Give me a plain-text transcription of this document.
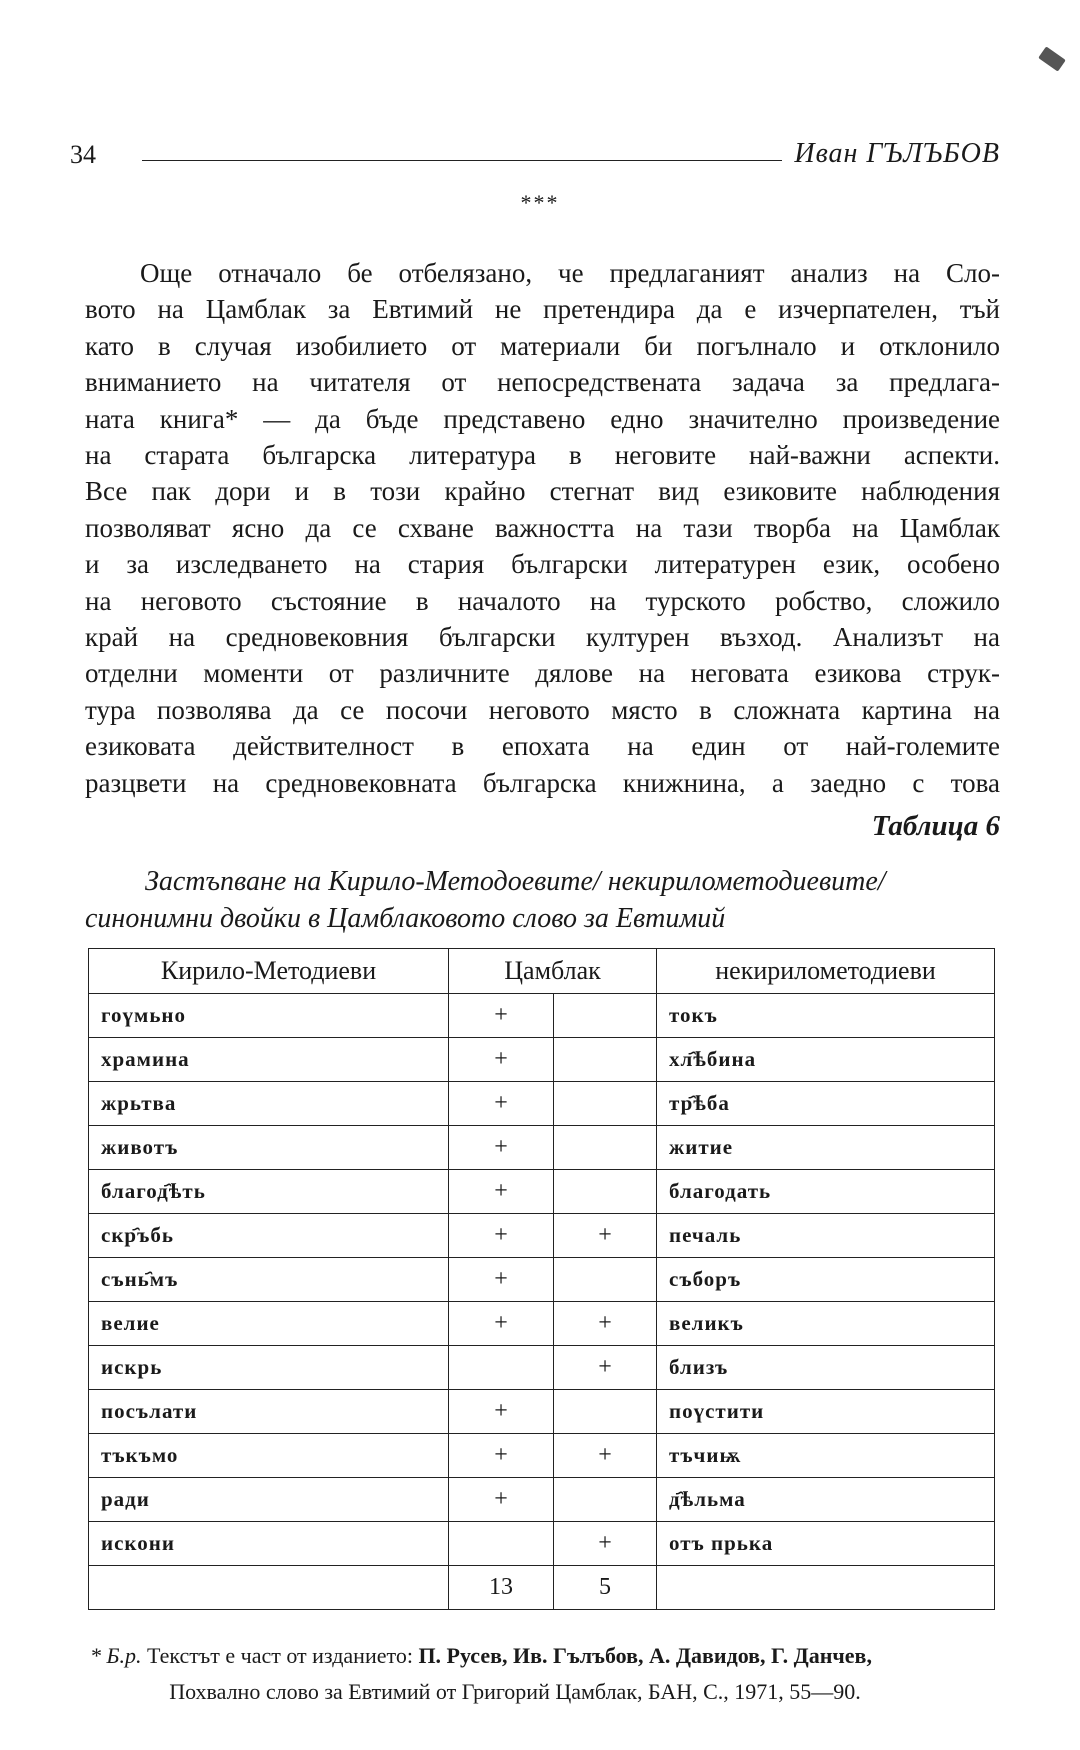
34	Иван ГЪЛЪБОВ
***
Още отначало бе отбелязано, че предлаганият анализ на Сло-
вото на Цамблак за Евтимий не претендира да е изчерпателен, тъй
като в случая изобилието от материали би погълнало и отклонило
вниманието на читателя от непосредствената задача за предлага-
ната книга* — да бъде представено едно значително произведение
на старата българска литература в неговите най-важни аспекти.
Все пак дори и в този крайно стегнат вид езиковите наблюдения
позволяват ясно да се схване важността на тази творба на Цамблак
и за изследването на стария български литературен език, особено
на неговото състояние в началото на турското робство, сложило
край на средновековния български културен възход. Анализът на
отделни моменти от различните дялове на неговата езикова струк-
тура позволява да се посочи неговото място в сложната картина на
езиковата действителност в епохата на един от най-големите
разцвети на средновековната българска книжнина, а заедно с това
Таблица 6
Застъпване на Кирило-Методоевите/ некирилометодиевите/
синонимни двойки в Цамблаковото слово за Евтимий
Кирило-Методиеви	Цамблак		некирилометодиеви
гоүмьно	+		токъ
храмина	+		хл҄ѣбина
жрьтва	+		тр҄ѣба
животъ	+		житие
благод҄ѣть	+		благодать
скр҄ъбь	+	+	печаль
сънь҄мъ	+		съборъ
велие	+	+	великъ
искрь		+	близъ
посълати	+		поүстити
тъкъмо	+	+	тъчиѭ
ради	+		д҄ѣльма
искони		+	отъ прька
	13	5	
* Б.р. Текстът е част от изданието: П. Русев, Ив. Гълъбов, А. Давидов, Г. Данчев,
Похвално слово за Евтимий от Григорий Цамблак, БАН, С., 1971, 55—90.
